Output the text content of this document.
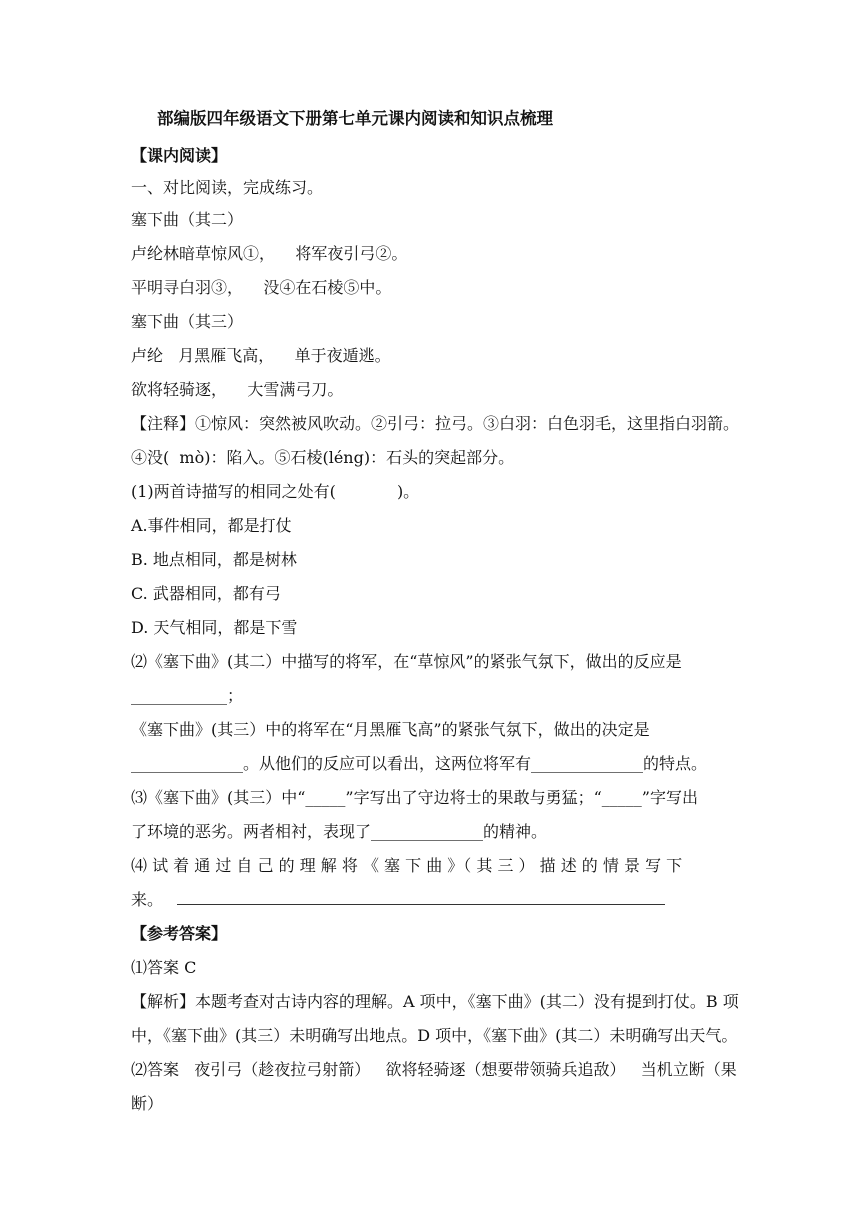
部编版四年级语文下册第七单元课内阅读和知识点梳理
【课内阅读】
一、对比阅读，完成练习。
塞下曲（其二）
卢纶林暗草惊风①，    将军夜引弓②。
平明寻白羽③，    没④在石棱⑤中。
塞下曲（其三）
卢纶   月黑雁飞高，    单于夜遁逃。
欲将轻骑逐，    大雪满弓刀。
【注释】①惊风：突然被风吹动。②引弓：拉弓。③白羽：白色羽毛，这里指白羽箭。
④没(  mò)：陷入。⑤石棱(léng)：石头的突起部分。
(1)两首诗描写的相同之处有(            )。
A.事件相同，都是打仗
B. 地点相同，都是树林
C. 武器相同，都有弓
D. 天气相同，都是下雪
⑵《塞下曲》(其二）中描写的将军，在“草惊风”的紧张气氛下，做出的反应是
____________；
《塞下曲》(其三）中的将军在“月黑雁飞高”的紧张气氛下，做出的决定是
______________。从他们的反应可以看出，这两位将军有______________的特点。
⑶《塞下曲》(其三）中“_____”字写出了守边将士的果敢与勇猛；“_____”字写出
了环境的恶劣。两者相衬，表现了______________的精神。
⑷ 试 着 通 过 自 己 的 理 解 将 《 塞 下 曲 》（ 其 三 ） 描 述 的 情 景 写 下
来。
【参考答案】
⑴答案 C
【解析】本题考查对古诗内容的理解。A 项中，《塞下曲》(其二）没有提到打仗。B 项
中，《塞下曲》(其三）未明确写出地点。D 项中，《塞下曲》(其二）未明确写出天气。
⑵答案   夜引弓（趁夜拉弓射箭）   欲将轻骑逐（想要带领骑兵追敌）   当机立断（果
断）
